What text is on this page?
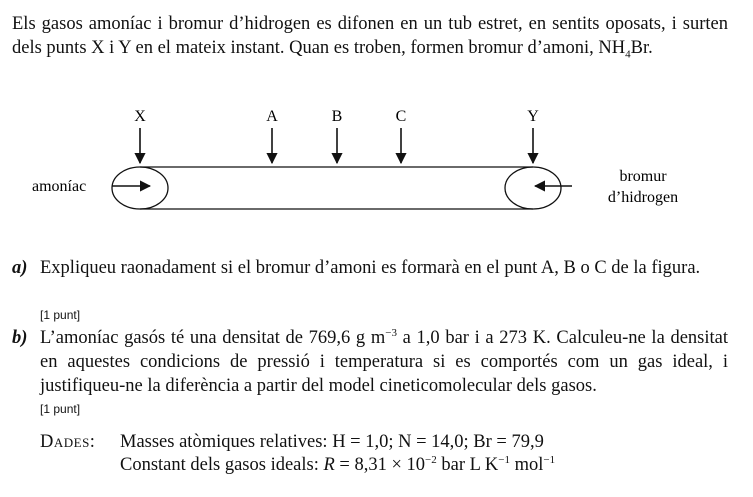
Els gasos amoníac i bromur d’hidrogen es difonen en un tub estret, en sentits oposats, i surten dels punts X i Y en el mateix instant. Quan es troben, formen bromur d’amoni, $NH_4Br$.
X	A	B	C	Y
amoníac
bromur
d’hidrogen
a) Expliqueu raonadament si el bromur d’amoni es formarà en el punt A, B o C de la figura.
[1 punt]
b) L’amoníac gasós té una densitat de 769,6 g $m^{-3}$ a 1,0 bar i a 273 K. Calculeu-ne la densitat en aquestes condicions de pressió i temperatura si es comportés com un gas ideal, i justifiqueu-ne la diferència a partir del model cineticomolecular dels gasos.
[1 punt]
Dades: Masses atòmiques relatives: H = 1,0; N = 14,0; Br = 79,9
Constant dels gasos ideals: $R = 8,31 \times 10^{-2}$ bar L $K^{-1}$ mol$^{-1}$
